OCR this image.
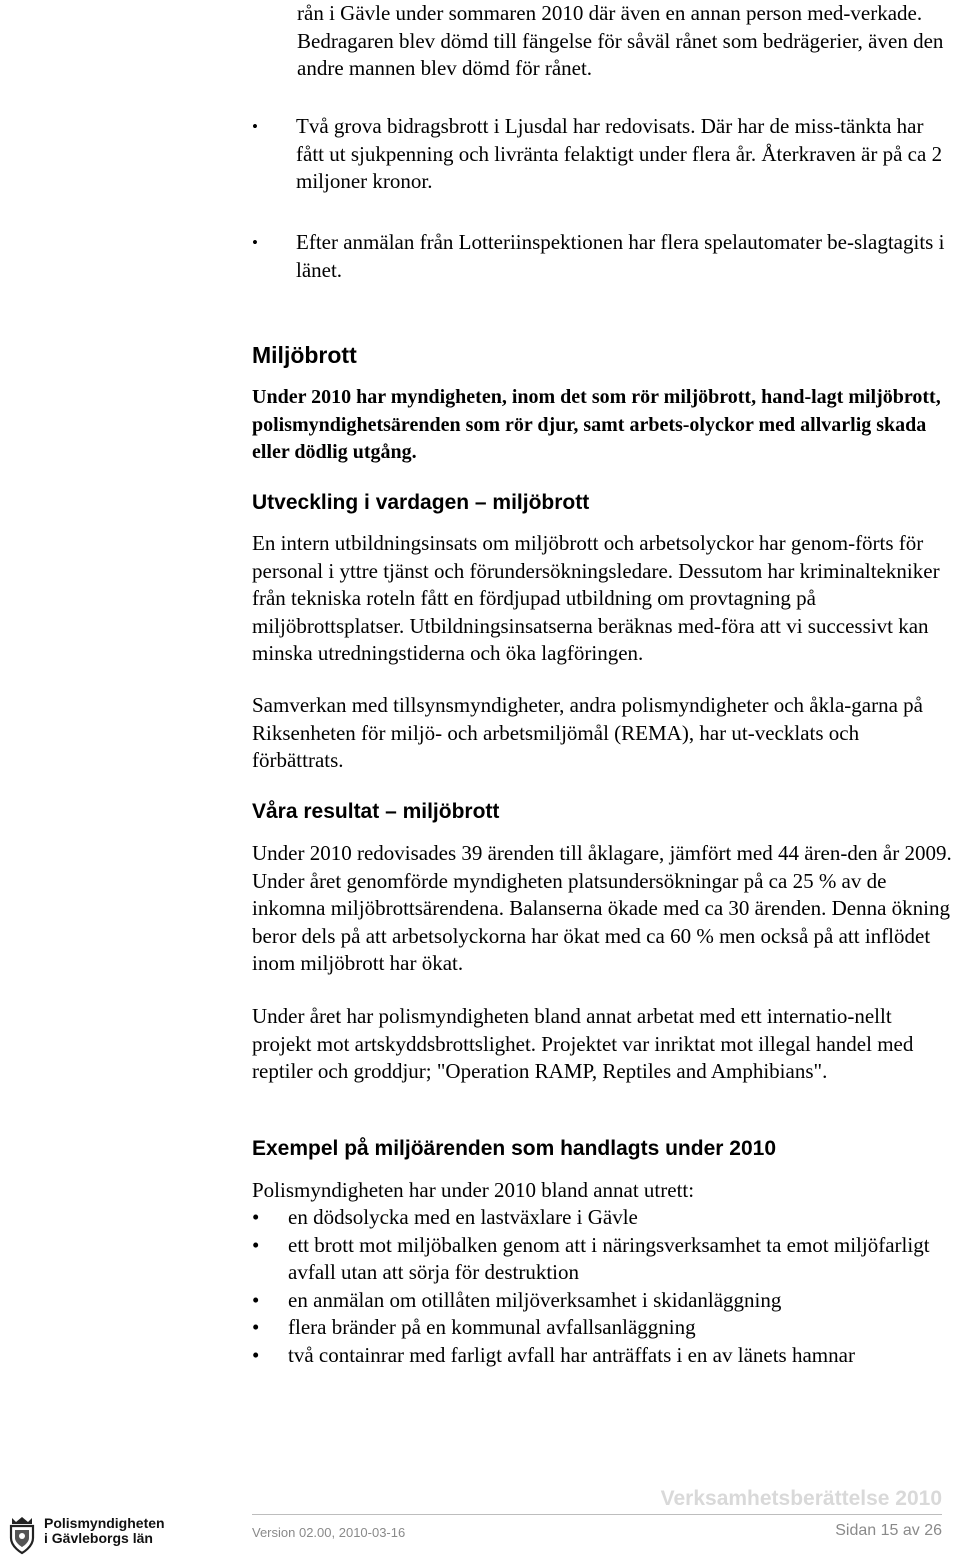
rån i Gävle under sommaren 2010 där även en annan person med-verkade. Bedragaren blev dömd till fängelse för såväl rånet som bedrägerier, även den andre mannen blev dömd för rånet.
•	Två grova bidragsbrott i Ljusdal har redovisats. Där har de miss-tänkta har fått ut sjukpenning och livränta felaktigt under flera år. Återkraven är på ca 2 miljoner kronor.
•	Efter anmälan från Lotteriinspektionen har flera spelautomater be-slagtagits i länet.
Miljöbrott
Under 2010 har myndigheten, inom det som rör miljöbrott, hand-lagt miljöbrott, polismyndighetsärenden som rör djur, samt arbets-olyckor med allvarlig skada eller dödlig utgång.
Utveckling i vardagen – miljöbrott
En intern utbildningsinsats om miljöbrott och arbetsolyckor har genom-förts för personal i yttre tjänst och förundersökningsledare. Dessutom har kriminaltekniker från tekniska roteln fått en fördjupad utbildning om provtagning på miljöbrottsplatser. Utbildningsinsatserna beräknas med-föra att vi successivt kan minska utredningstiderna och öka lagföringen.
Samverkan med tillsynsmyndigheter, andra polismyndigheter och åkla-garna på Riksenheten för miljö- och arbetsmiljömål (REMA), har ut-vecklats och förbättrats.
Våra resultat – miljöbrott
Under 2010 redovisades 39 ärenden till åklagare, jämfört med 44 ären-den år 2009. Under året genomförde myndigheten platsundersökningar på ca 25 % av de inkomna miljöbrottsärendena. Balanserna ökade med ca 30 ärenden. Denna ökning beror dels på att arbetsolyckorna har ökat med ca 60 % men också på att inflödet inom miljöbrott har ökat.
Under året har polismyndigheten bland annat arbetat med ett internatio-nellt projekt mot artskyddsbrottslighet. Projektet var inriktat mot illegal handel med reptiler och groddjur; "Operation RAMP, Reptiles and Amphibians".
Exempel på miljöärenden som handlagts under 2010
Polismyndigheten har under 2010 bland annat utrett:
• en dödsolycka med en lastväxlare i Gävle
• ett brott mot miljöbalken genom att i näringsverksamhet ta emot miljöfarligt avfall utan att sörja för destruktion
• en anmälan om otillåten miljöverksamhet i skidanläggning
• flera bränder på en kommunal avfallsanläggning
• två containrar med farligt avfall har anträffats i en av länets hamnar
Verksamhetsberättelse 2010
Version 02.00, 2010-03-16	Sidan 15 av 26
Polismyndigheten
i Gävleborgs län
